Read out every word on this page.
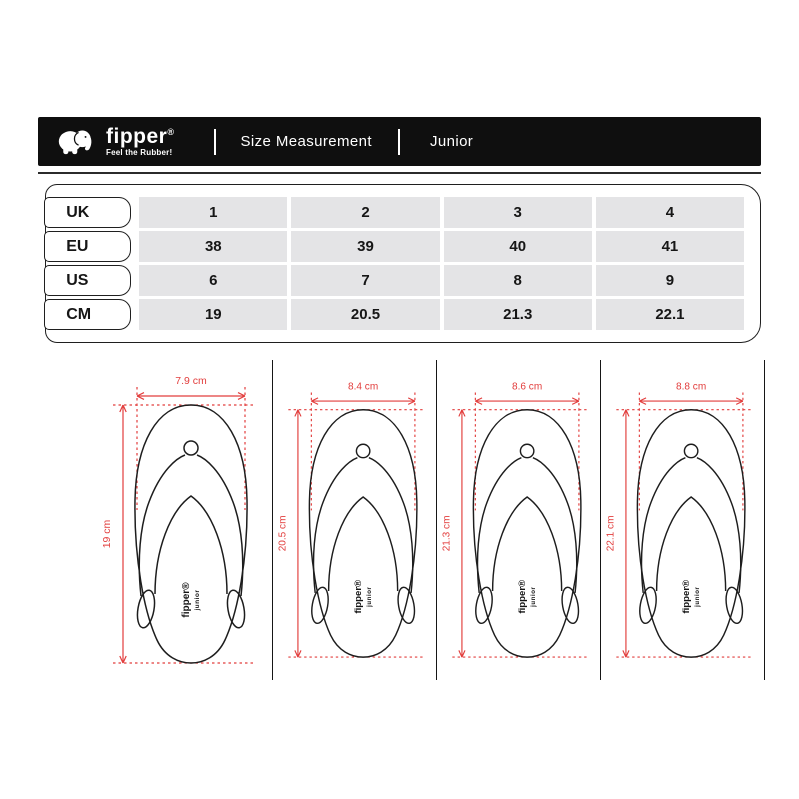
fipper®
Feel the Rubber!
Size Measurement	Junior
UK	1	2	3	4
EU	38	39	40	41
US	6	7	8	9
CM	19	20.5	21.3	22.1
7.9 cm
19 cm
fipper® junior
8.4 cm
20.5 cm
fipper® junior
8.6 cm
21.3 cm
fipper® junior
8.8 cm
22.1 cm
fipper® junior
